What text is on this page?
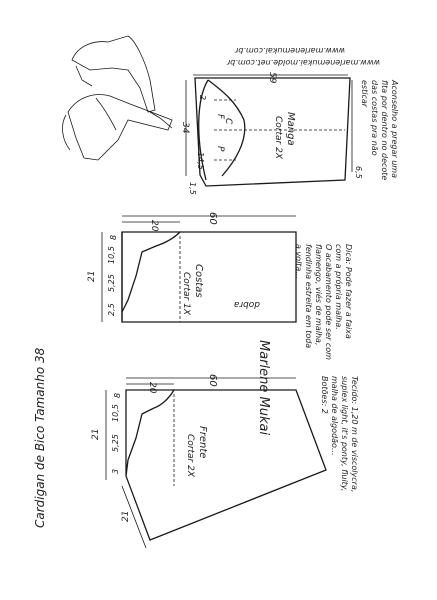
Cardigan de Bico Tamanho 38
www.marlenemukai.com.br
www.marlenemukai.molde.net.com.br
59
34
14,5
2
6,5
1,5
F
C
P
Manga
Cortar 2X	Aconselho a pregar uma
fita por dentro no decote
das costas pra não
esticar
60
20
21
8
2,5
10,5
5,25	Costas
Cortar 1X	dobra
Marlene Mukai
Dica: Pode fazer a faixa
com a própria malha.
O acabamento pode ser com
flamengo, viés de malha,
fendinha estreita em toda
a volta...
60
20
21
8
3
10,5
5,25
21
Frente
Cortar 2X	Tecido: 1,20 m de viscolycra,
suplex light, it's ponty, fluity,
malha de algodão...
Botões: 2
